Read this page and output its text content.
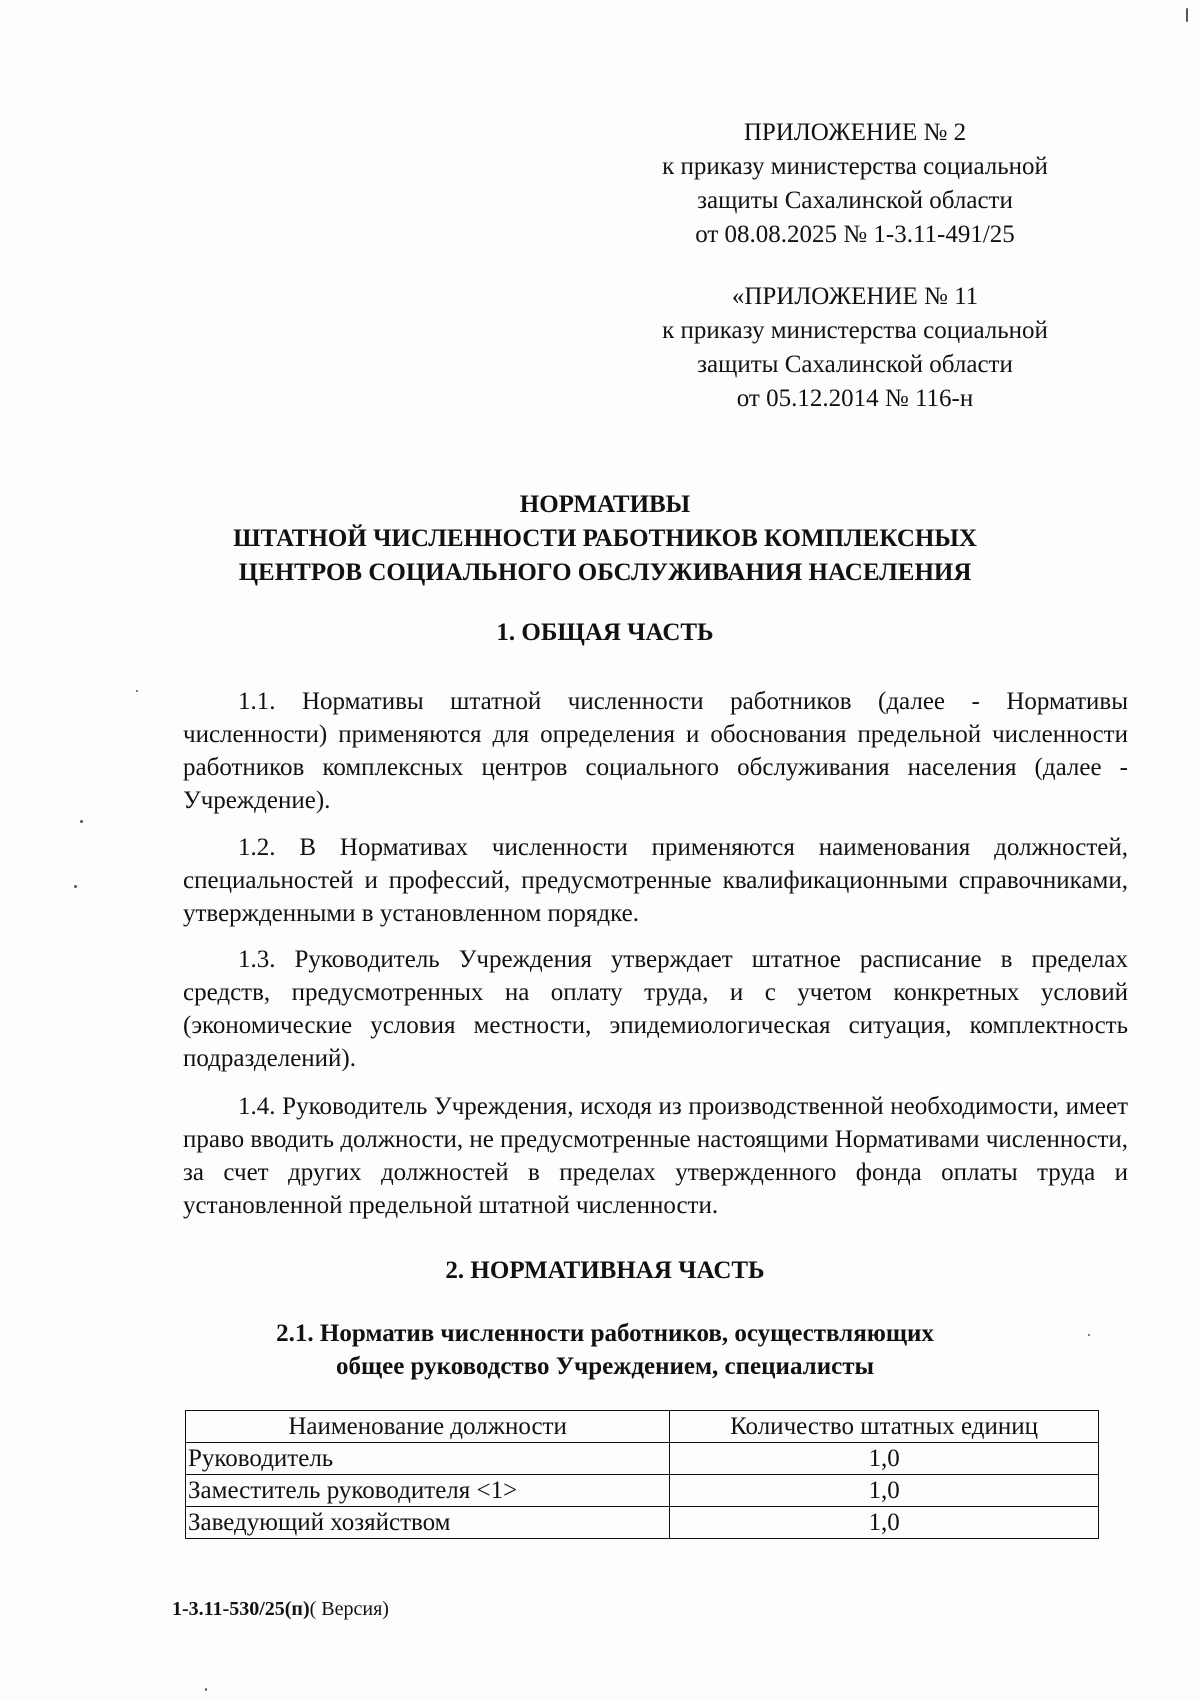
ПРИЛОЖЕНИЕ № 2
к приказу министерства социальной
защиты Сахалинской области
от 08.08.2025 № 1-3.11-491/25
«ПРИЛОЖЕНИЕ № 11
к приказу министерства социальной
защиты Сахалинской области
от 05.12.2014 № 116-н
НОРМАТИВЫ
ШТАТНОЙ ЧИСЛЕННОСТИ РАБОТНИКОВ КОМПЛЕКСНЫХ
ЦЕНТРОВ СОЦИАЛЬНОГО ОБСЛУЖИВАНИЯ НАСЕЛЕНИЯ
1. ОБЩАЯ ЧАСТЬ
1.1. Нормативы штатной численности работников (далее - Нормативы численности) применяются для определения и обоснования предельной численности работников комплексных центров социального обслуживания населения (далее - Учреждение).
1.2. В Нормативах численности применяются наименования должностей, специальностей и профессий, предусмотренные квалификационными справочниками, утвержденными в установленном порядке.
1.3. Руководитель Учреждения утверждает штатное расписание в пределах средств, предусмотренных на оплату труда, и с учетом конкретных условий (экономические условия местности, эпидемиологическая ситуация, комплектность подразделений).
1.4. Руководитель Учреждения, исходя из производственной необходимости, имеет право вводить должности, не предусмотренные настоящими Нормативами численности, за счет других должностей в пределах утвержденного фонда оплаты труда и установленной предельной штатной численности.
2. НОРМАТИВНАЯ ЧАСТЬ
2.1. Норматив численности работников, осуществляющих
общее руководство Учреждением, специалисты
Наименование должности	Количество штатных единиц
Руководитель	1,0
Заместитель руководителя <1>	1,0
Заведующий хозяйством	1,0
1-3.11-530/25(п)( Версия)
